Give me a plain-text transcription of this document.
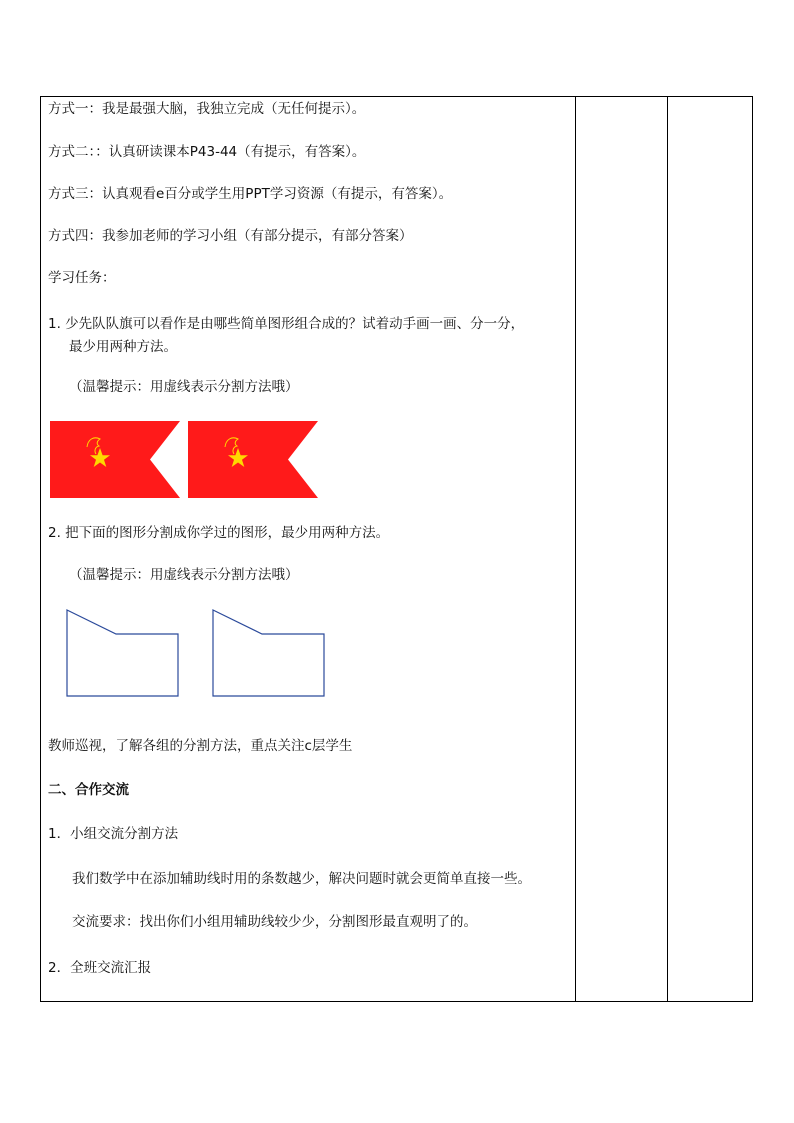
方式一：我是最强大脑，我独立完成（无任何提示）。
方式二：：认真研读课本P43-44（有提示，有答案）。
方式三：认真观看e百分或学生用PPT学习资源（有提示，有答案）。
方式四：我参加老师的学习小组（有部分提示，有部分答案）
学习任务：
1. 少先队队旗可以看作是由哪些简单图形组合成的？试着动手画一画、分一分，
最少用两种方法。
（温馨提示：用虚线表示分割方法哦）
2. 把下面的图形分割成你学过的图形，最少用两种方法。
（温馨提示：用虚线表示分割方法哦）
教师巡视，了解各组的分割方法，重点关注c层学生
二、合作交流
1．小组交流分割方法
我们数学中在添加辅助线时用的条数越少，解决问题时就会更简单直接一些。
交流要求：找出你们小组用辅助线较少少，分割图形最直观明了的。
2．全班交流汇报
